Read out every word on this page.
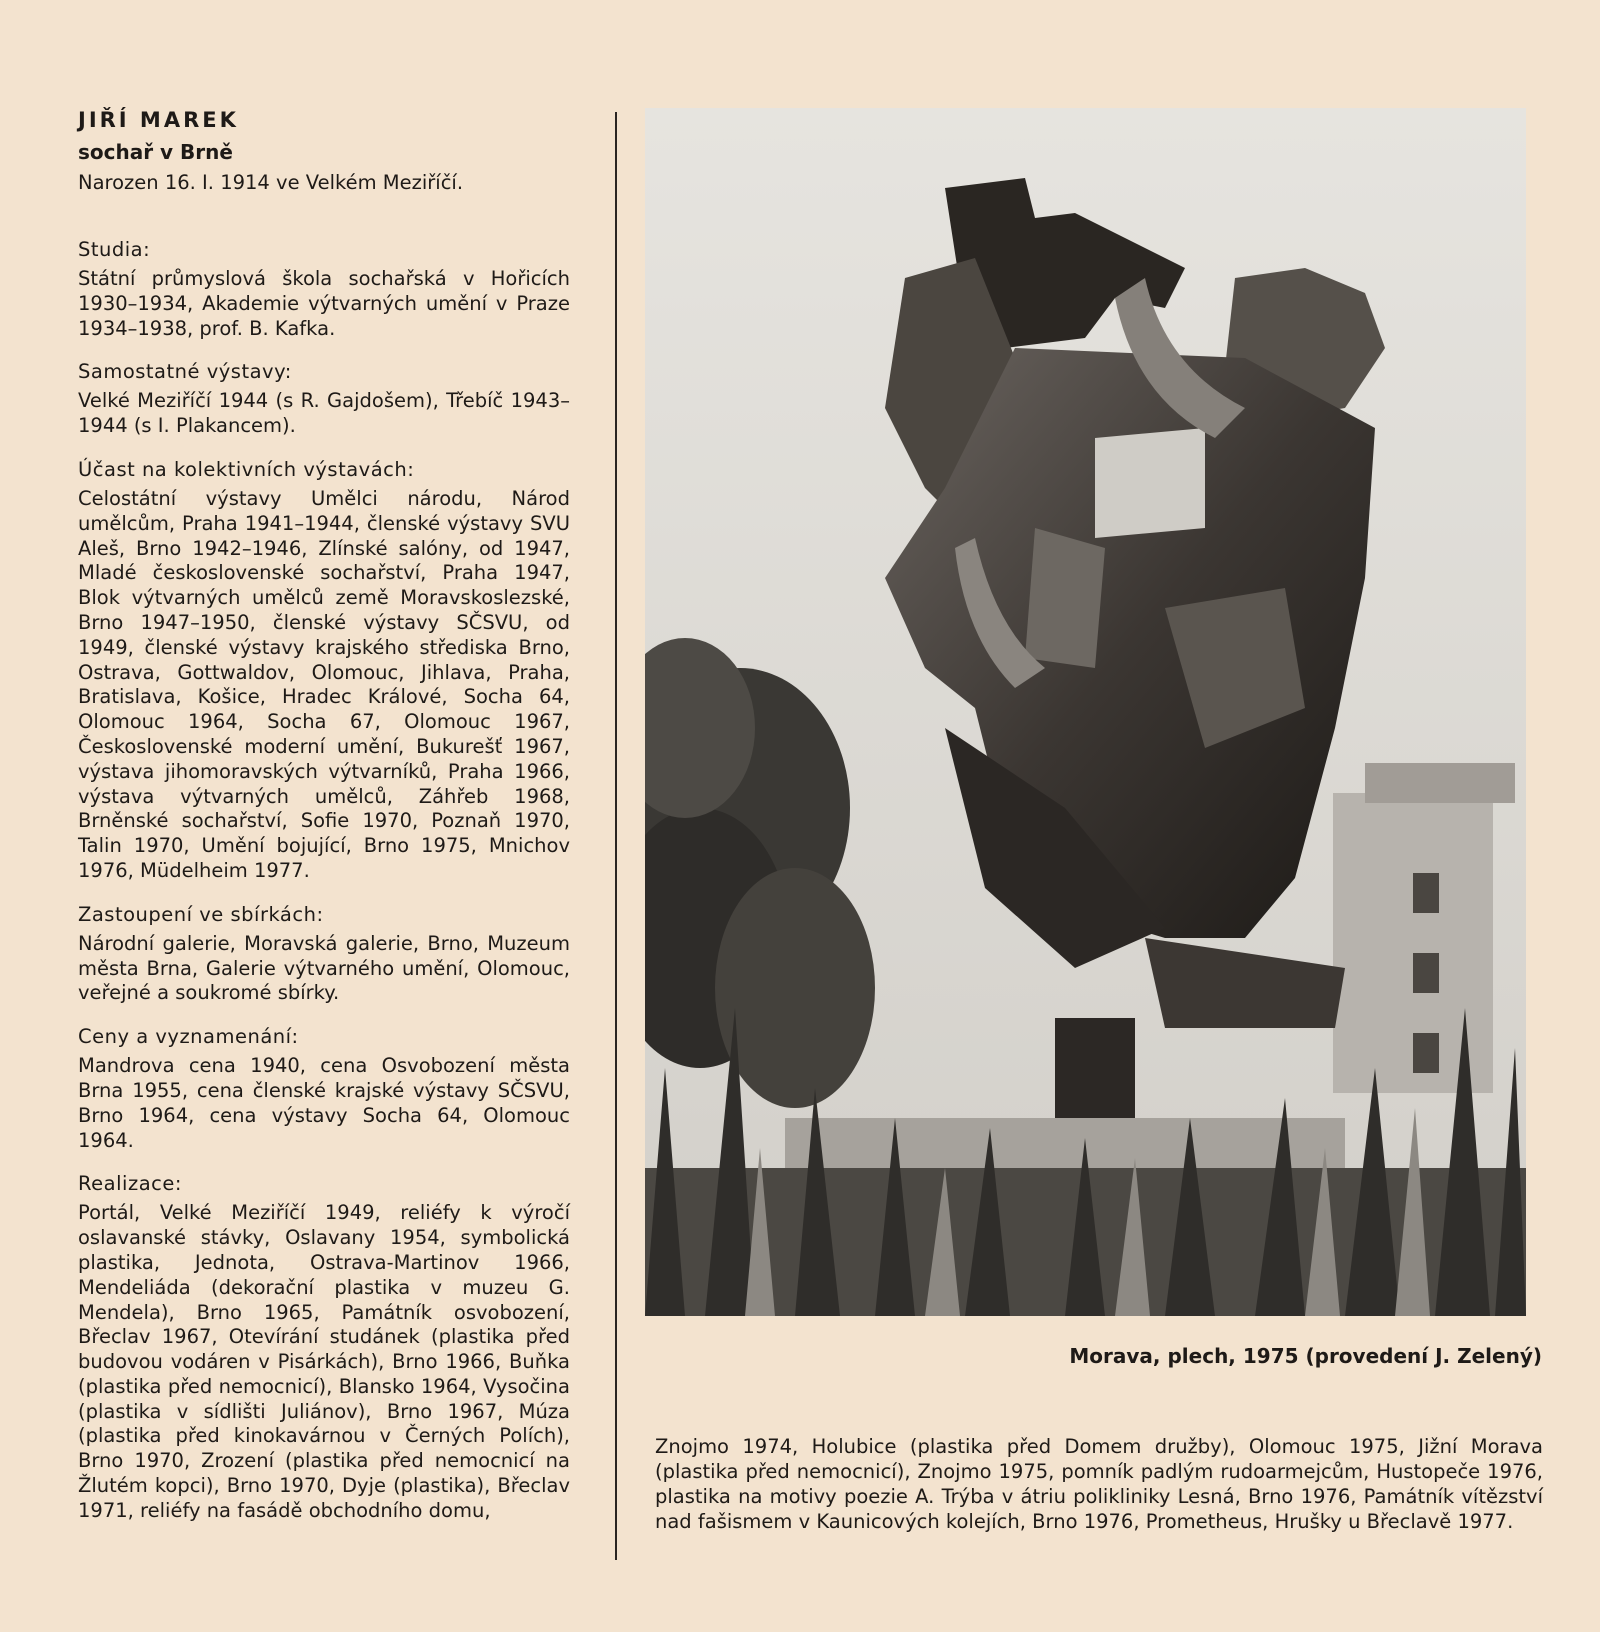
JIŘÍ MAREK
sochař v Brně

Narozen 16. I. 1914 ve Velkém Meziříčí.

Studia:

Státní průmyslová škola sochařská v Hořicích 1930–1934, Akademie výtvarných umění v Praze 1934–1938, prof. B. Kafka.

Samostatné výstavy:

Velké Meziříčí 1944 (s R. Gajdošem), Třebíč 1943–1944 (s I. Plakancem).

Účast na kolektivních výstavách:

Celostátní výstavy Umělci národu, Národ umělcům, Praha 1941–1944, členské výstavy SVU Aleš, Brno 1942–1946, Zlínské salóny, od 1947, Mladé československé sochařství, Praha 1947, Blok výtvarných umělců země Moravskoslezské, Brno 1947–1950, členské výstavy SČSVU, od 1949, členské výstavy krajského střediska Brno, Ostrava, Gottwaldov, Olomouc, Jihlava, Praha, Bratislava, Košice, Hradec Králové, Socha 64, Olomouc 1964, Socha 67, Olomouc 1967, Československé moderní umění, Bukurešť 1967, výstava jihomoravských výtvarníků, Praha 1966, výstava výtvarných umělců, Záhřeb 1968, Brněnské sochařství, Sofie 1970, Poznaň 1970, Talin 1970, Umění bojující, Brno 1975, Mnichov 1976, Müdelheim 1977.

Zastoupení ve sbírkách:

Národní galerie, Moravská galerie, Brno, Muzeum města Brna, Galerie výtvarného umění, Olomouc, veřejné a soukromé sbírky.

Ceny a vyznamenání:

Mandrova cena 1940, cena Osvobození města Brna 1955, cena členské krajské výstavy SČSVU, Brno 1964, cena výstavy Socha 64, Olomouc 1964.

Realizace:

Portál, Velké Meziříčí 1949, reliéfy k výročí oslavanské stávky, Oslavany 1954, symbolická plastika, Jednota, Ostrava-Martinov 1966, Mendeliáda (dekorační plastika v muzeu G. Mendela), Brno 1965, Památník osvobození, Břeclav 1967, Otevírání studánek (plastika před budovou vodáren v Pisárkách), Brno 1966, Buňka (plastika před nemocnicí), Blansko 1964, Vysočina (plastika v sídlišti Juliánov), Brno 1967, Múza (plastika před kinokavárnou v Černých Polích), Brno 1970, Zrození (plastika před nemocnicí na Žlutém kopci), Brno 1970, Dyje (plastika), Břeclav 1971, reliéfy na fasádě obchodního domu,

Morava, plech, 1975 (provedení J. Zelený)

Znojmo 1974, Holubice (plastika před Domem družby), Olomouc 1975, Jižní Morava (plastika před nemocnicí), Znojmo 1975, pomník padlým rudoarmejcům, Hustopeče 1976, plastika na motivy poezie A. Trýba v átriu polikliniky Lesná, Brno 1976, Památník vítězství nad fašismem v Kaunicových kolejích, Brno 1976, Prometheus, Hrušky u Břeclavě 1977.
